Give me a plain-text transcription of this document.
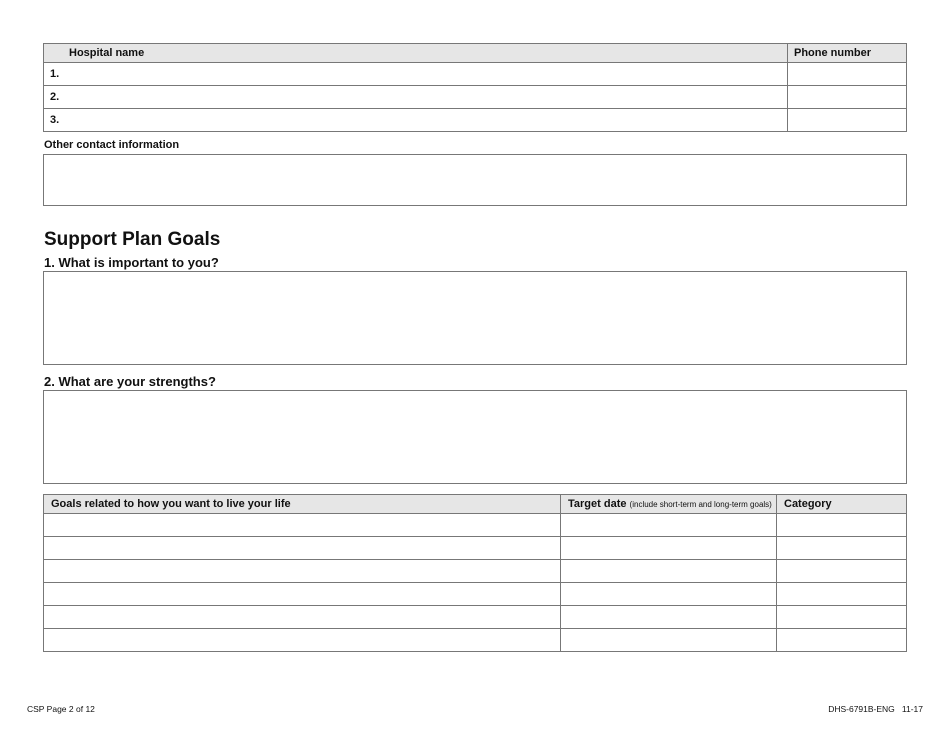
Hospital name	Phone number
1.	
2.	
3.	
Other contact information
Support Plan Goals
1. What is important to you?
2. What are your strengths?
Goals related to how you want to live your life	Target date (include short-term and long-term goals)	Category

CSP Page 2 of 12	DHS-6791B-ENG   11-17
